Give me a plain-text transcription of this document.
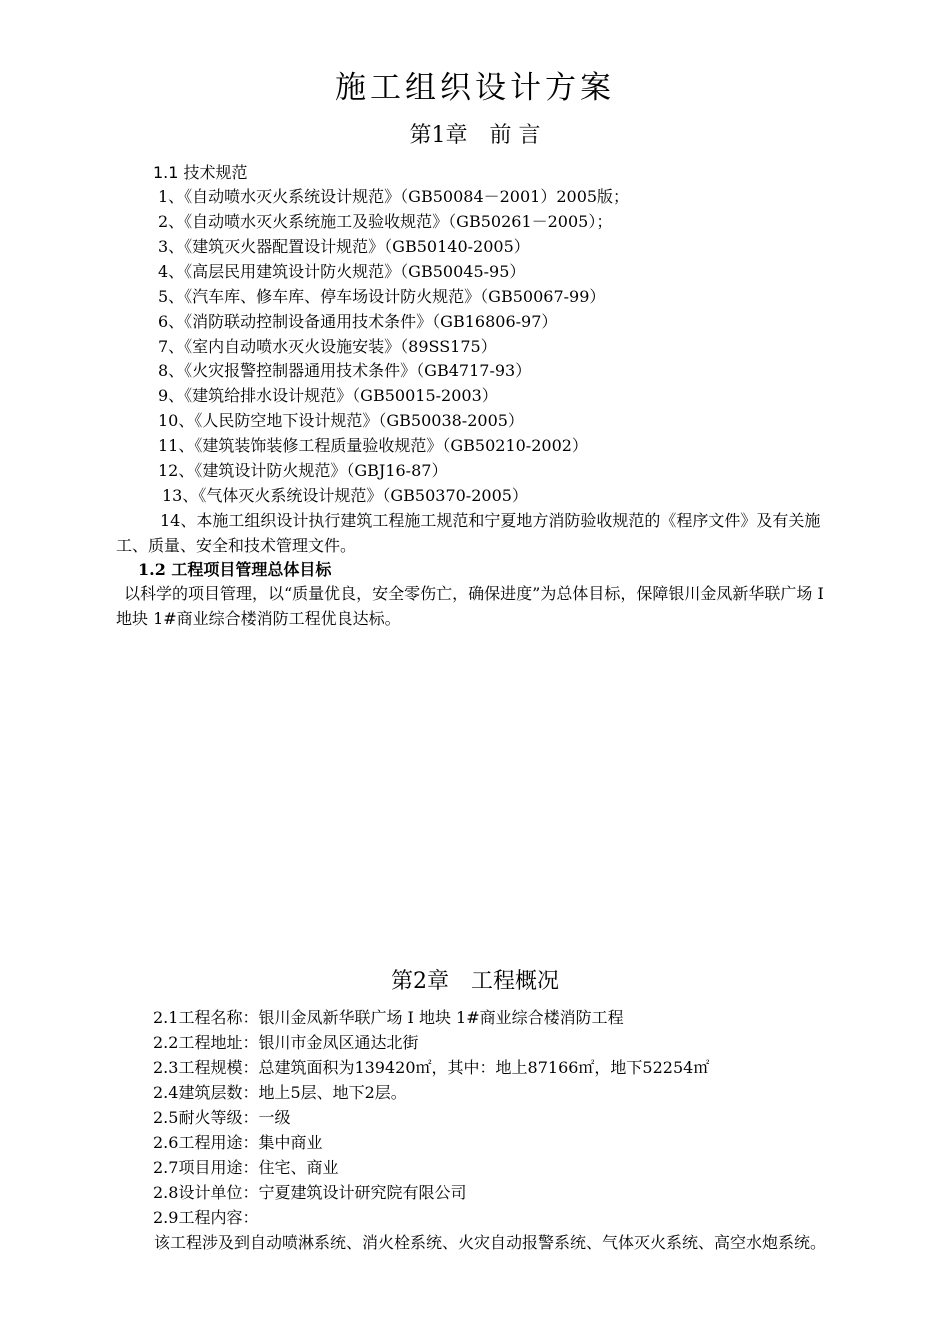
施工组织设计方案
第1章　前 言
1.1 技术规范
1、《自动喷水灭火系统设计规范》（GB50084－2001）2005版；
2、《自动喷水灭火系统施工及验收规范》（GB50261－2005）；
3、《建筑灭火器配置设计规范》（GB50140-2005）
4、《高层民用建筑设计防火规范》（GB50045-95）
5、《汽车库、修车库、停车场设计防火规范》（GB50067-99）
6、《消防联动控制设备通用技术条件》（GB16806-97）
7、《室内自动喷水灭火设施安装》（89SS175）
8、《火灾报警控制器通用技术条件》（GB4717-93）
9、《建筑给排水设计规范》（GB50015-2003）
10、《人民防空地下设计规范》（GB50038-2005）
11、《建筑装饰装修工程质量验收规范》（GB50210-2002）
12、《建筑设计防火规范》（GBJ16-87）
13、《气体灭火系统设计规范》（GB50370-2005）
14、本施工组织设计执行建筑工程施工规范和宁夏地方消防验收规范的《程序文件》及有关施工、质量、安全和技术管理文件。
1.2 工程项目管理总体目标
以科学的项目管理，以“质量优良，安全零伤亡，确保进度”为总体目标，保障银川金凤新华联广场 I 地块 1#商业综合楼消防工程优良达标。
第2章　工程概况
2.1工程名称：银川金凤新华联广场 I 地块 1#商业综合楼消防工程
2.2工程地址：银川市金凤区通达北街
2.3工程规模：总建筑面积为139420㎡，其中：地上87166㎡，地下52254㎡
2.4建筑层数：地上5层、地下2层。
2.5耐火等级：一级
2.6工程用途：集中商业
2.7项目用途：住宅、商业
2.8设计单位：宁夏建筑设计研究院有限公司
2.9工程内容：
该工程涉及到自动喷淋系统、消火栓系统、火灾自动报警系统、气体灭火系统、高空水炮系统。
